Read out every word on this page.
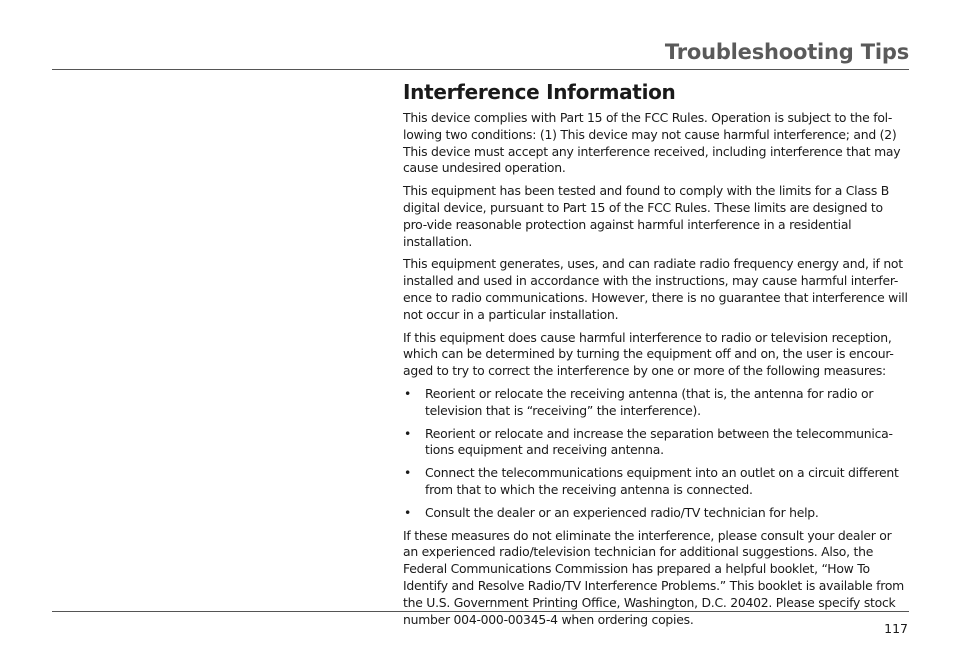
Troubleshooting Tips
Interference Information

This device complies with Part 15 of the FCC Rules. Operation is subject to the fol-lowing two conditions: (1) This device may not cause harmful interference; and (2) This device must accept any interference received, including interference that may cause undesired operation.

This equipment has been tested and found to comply with the limits for a Class B digital device, pursuant to Part 15 of the FCC Rules. These limits are designed to pro-vide reasonable protection against harmful interference in a residential installation.

This equipment generates, uses, and can radiate radio frequency energy and, if not installed and used in accordance with the instructions, may cause harmful interfer-ence to radio communications. However, there is no guarantee that interference will not occur in a particular installation.

If this equipment does cause harmful interference to radio or television reception, which can be determined by turning the equipment off and on, the user is encour-aged to try to correct the interference by one or more of the following measures:

• Reorient or relocate the receiving antenna (that is, the antenna for radio or television that is “receiving” the interference).
• Reorient or relocate and increase the separation between the telecommunica-tions equipment and receiving antenna.
• Connect the telecommunications equipment into an outlet on a circuit different from that to which the receiving antenna is connected.
• Consult the dealer or an experienced radio/TV technician for help.

If these measures do not eliminate the interference, please consult your dealer or an experienced radio/television technician for additional suggestions. Also, the Federal Communications Commission has prepared a helpful booklet, “How To Identify and Resolve Radio/TV Interference Problems.” This booklet is available from the U.S. Government Printing Office, Washington, D.C. 20402. Please specify stock number 004-000-00345-4 when ordering copies.

117
